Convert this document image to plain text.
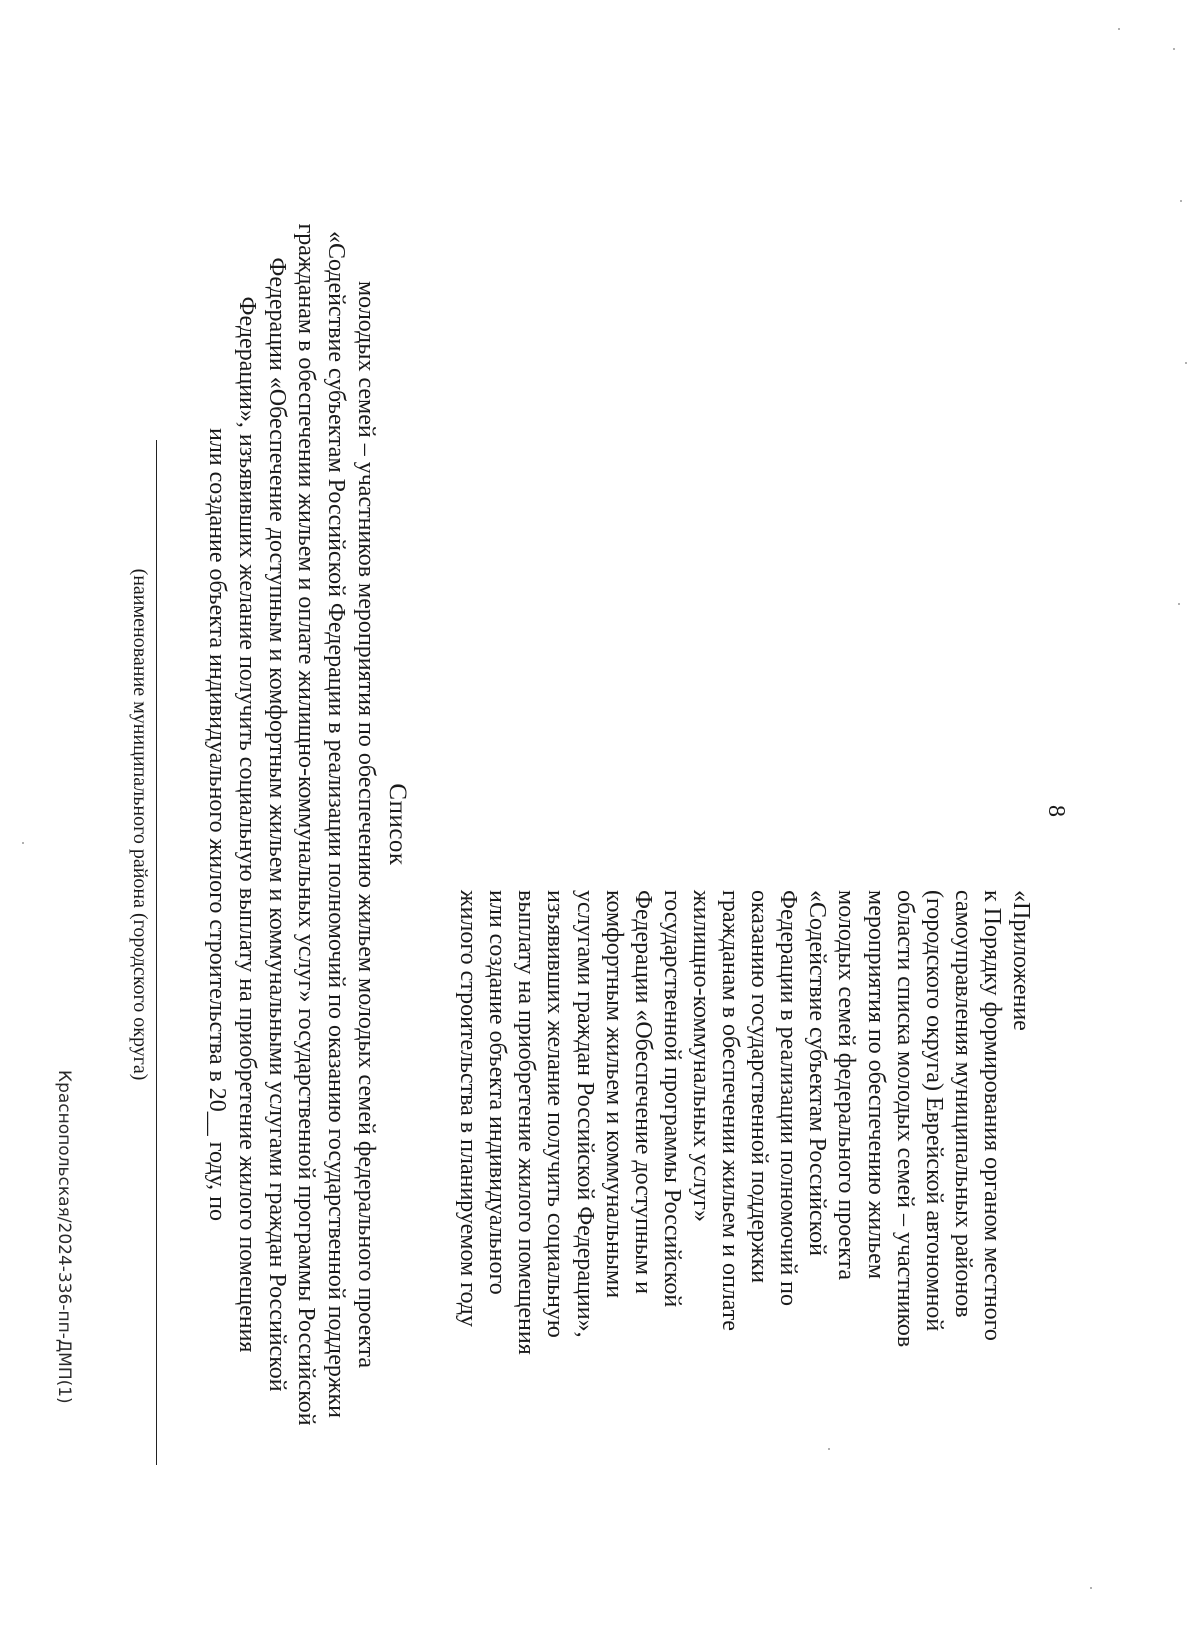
8
«Приложение
к Порядку формирования органом местного
самоуправления муниципальных районов
(городского округа) Еврейской автономной
области списка молодых семей – участников
мероприятия по обеспечению жильем
молодых семей федерального проекта
«Содействие субъектам Российской
Федерации в реализации полномочий по
оказанию государственной поддержки
гражданам в обеспечении жильем и оплате
жилищно-коммунальных услуг»
государственной программы Российской
Федерации «Обеспечение доступным и
комфортным жильем и коммунальными
услугами граждан Российской Федерации»,
изъявивших желание получить социальную
выплату на приобретение жилого помещения
или создание объекта индивидуального
жилого строительства в планируемом году
Список
молодых семей – участников мероприятия по обеспечению жильем молодых семей федерального проекта
«Содействие субъектам Российской Федерации в реализации полномочий по оказанию государственной поддержки
гражданам в обеспечении жильем и оплате жилищно-коммунальных услуг» государственной программы Российской
Федерации «Обеспечение доступным и комфортным жильем и коммунальными услугами граждан Российской
Федерации», изъявивших желание получить социальную выплату на приобретение жилого помещения
или создание объекта индивидуального жилого строительства в 20__ году, по
(наименование муниципального района (городского округа)
Краснопольская/2024-336-пп-ДМП(1)
